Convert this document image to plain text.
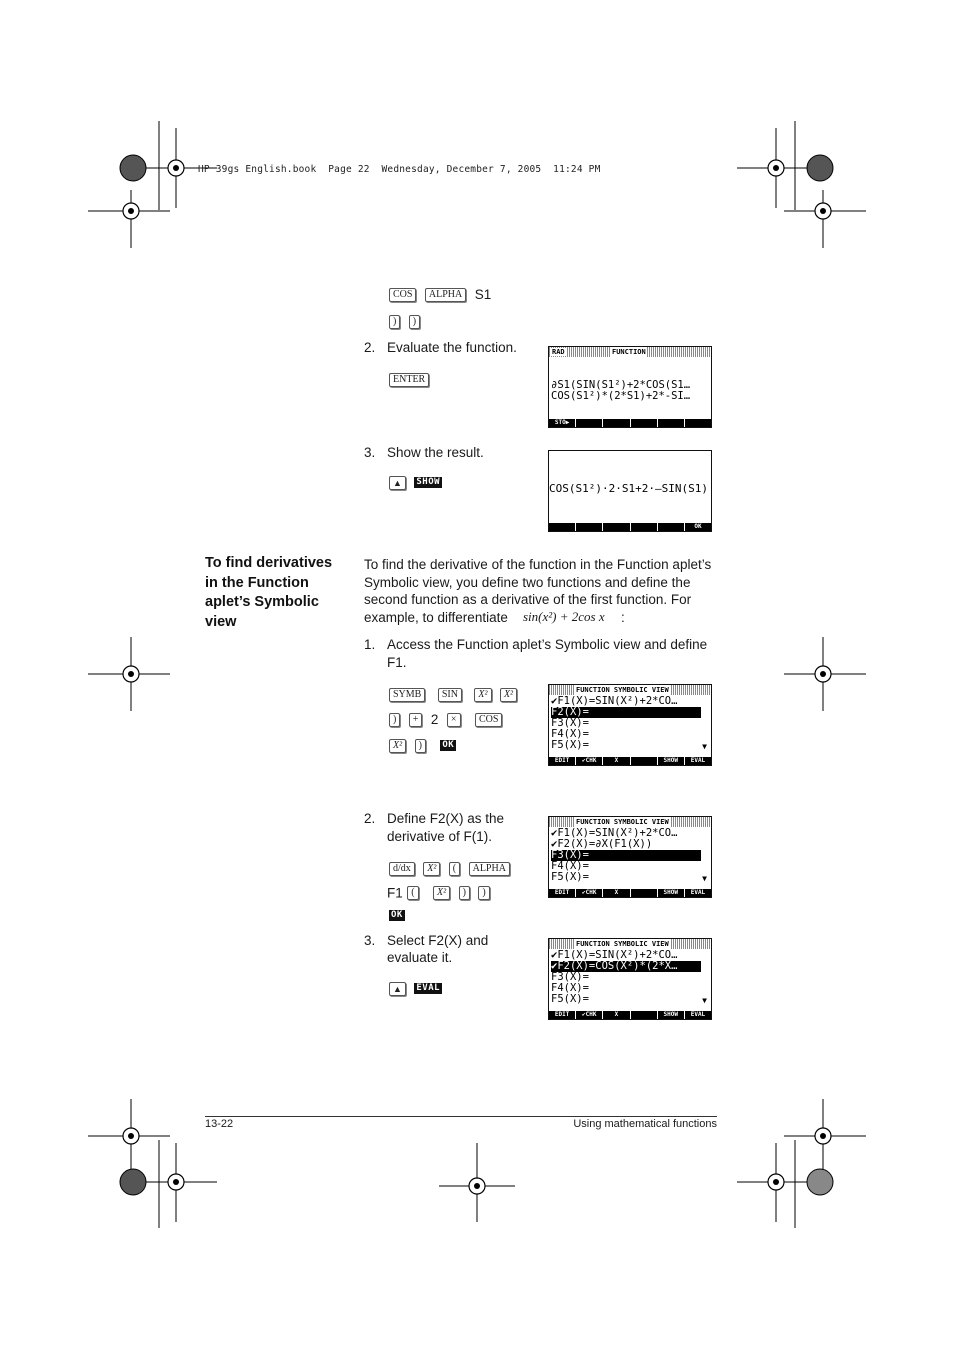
HP 39gs English.book  Page 22  Wednesday, December 7, 2005  11:24 PM
COS ALPHA S1
) )
2. Evaluate the function.
ENTER
3. Show the result.
▲ SHOW
RAD	FUNCTION
∂S1(SIN(S1²)+2*COS(S1…
COS(S1²)*(2*S1)+2*-SI…
STO▶
COS(S1²)·2·S1+2·–SIN(S1)
OK
To find derivatives in the Function aplet’s Symbolic view
To find the derivative of the function in the Function aplet’s
Symbolic view, you define two functions and define the
second function as a derivative of the first function. For
example, to differentiate sin(x²) + 2cos x :
1. Access the Function aplet’s Symbolic view and define
F1.
SYMB SIN X² X²
) + 2 × COS
X² ) OK
FUNCTION SYMBOLIC VIEW
✔F1(X)=SIN(X²)+2*CO…
F2(X)=
F3(X)=
F4(X)=
F5(X)=	▼
EDIT	✔CHK	X	SHOW	EVAL
2. Define F2(X) as the
derivative of F(1).
d/dx X² ( ALPHA
F1 ( X² ) )
OK
FUNCTION SYMBOLIC VIEW
✔F1(X)=SIN(X²)+2*CO…
✔F2(X)=∂X(F1(X))
F3(X)=
F4(X)=
F5(X)=	▼
EDIT	✔CHK	X	SHOW	EVAL
3. Select F2(X) and
evaluate it.
▲ EVAL
FUNCTION SYMBOLIC VIEW
✔F1(X)=SIN(X²)+2*CO…
✔F2(X)=COS(X²)*(2*X…
F3(X)=
F4(X)=
F5(X)=	▼
EDIT	✔CHK	X	SHOW	EVAL
13-22	Using mathematical functions
